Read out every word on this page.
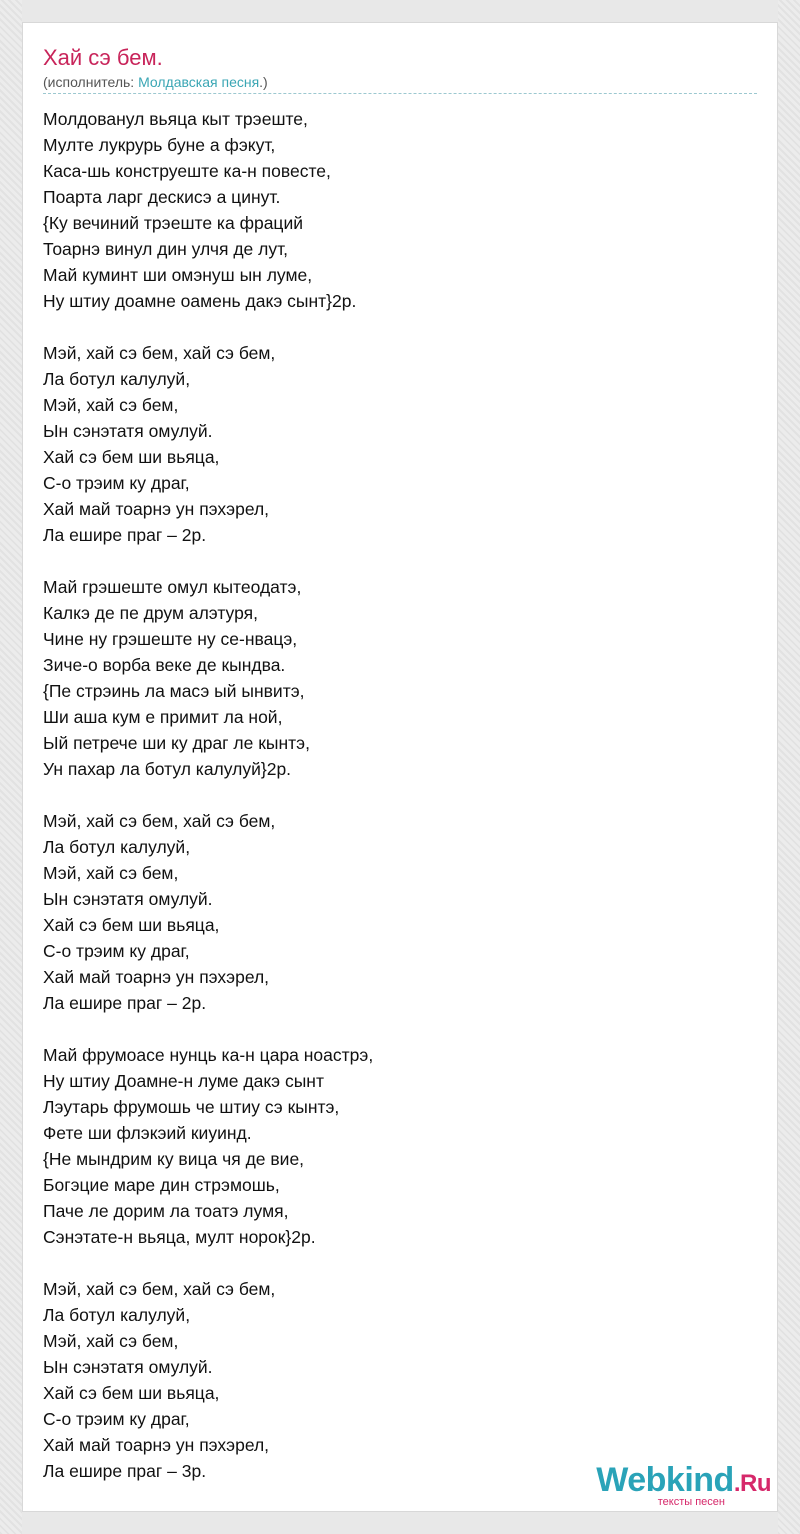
Хай сэ бем.
(исполнитель: Молдавская песня.)
Молдованул вьяца кыт трэеште,
Мулте лукрурь буне а фэкут,
Каса-шь конструеште ка-н повесте,
Поарта ларг дескисэ а цинут.
{Ку вечиний трэеште ка фраций
Тоарнэ винул дин улчя де лут,
Май куминт ши омэнуш ын луме,
Ну штиу доамне оамень дакэ сынт}2р.
Мэй, хай сэ бем, хай сэ бем,
Ла ботул калулуй,
Мэй, хай сэ бем,
Ын сэнэтатя омулуй.
Хай сэ бем ши вьяца,
С-о трэим ку драг,
Хай май тоарнэ ун пэхэрел,
Ла ешире праг – 2р.
Май грэшеште омул кытеодатэ,
Калкэ де пе друм алэтуря,
Чине ну грэшеште ну се-нвацэ,
Зиче-о ворба веке де кындва.
{Пе стрэинь ла масэ ый ынвитэ,
Ши аша кум е примит ла ной,
Ый петрече ши ку драг ле кынтэ,
Ун пахар ла ботул калулуй}2р.
Мэй, хай сэ бем, хай сэ бем,
Ла ботул калулуй,
Мэй, хай сэ бем,
Ын сэнэтатя омулуй.
Хай сэ бем ши вьяца,
С-о трэим ку драг,
Хай май тоарнэ ун пэхэрел,
Ла ешире праг – 2р.
Май фрумоасе нунць ка-н цара ноастрэ,
Ну штиу Доамне-н луме дакэ сынт
Лэутарь фрумошь че штиу сэ кынтэ,
Фете ши флэкэий киуинд.
{Не мындрим ку вица чя де вие,
Богэцие маре дин стрэмошь,
Паче ле дорим ла тоатэ лумя,
Сэнэтате-н вьяца, мулт норок}2р.
Мэй, хай сэ бем, хай сэ бем,
Ла ботул калулуй,
Мэй, хай сэ бем,
Ын сэнэтатя омулуй.
Хай сэ бем ши вьяца,
С-о трэим ку драг,
Хай май тоарнэ ун пэхэрел,
Ла ешире праг – 3р.	Webkind.Ru
тексты песен
